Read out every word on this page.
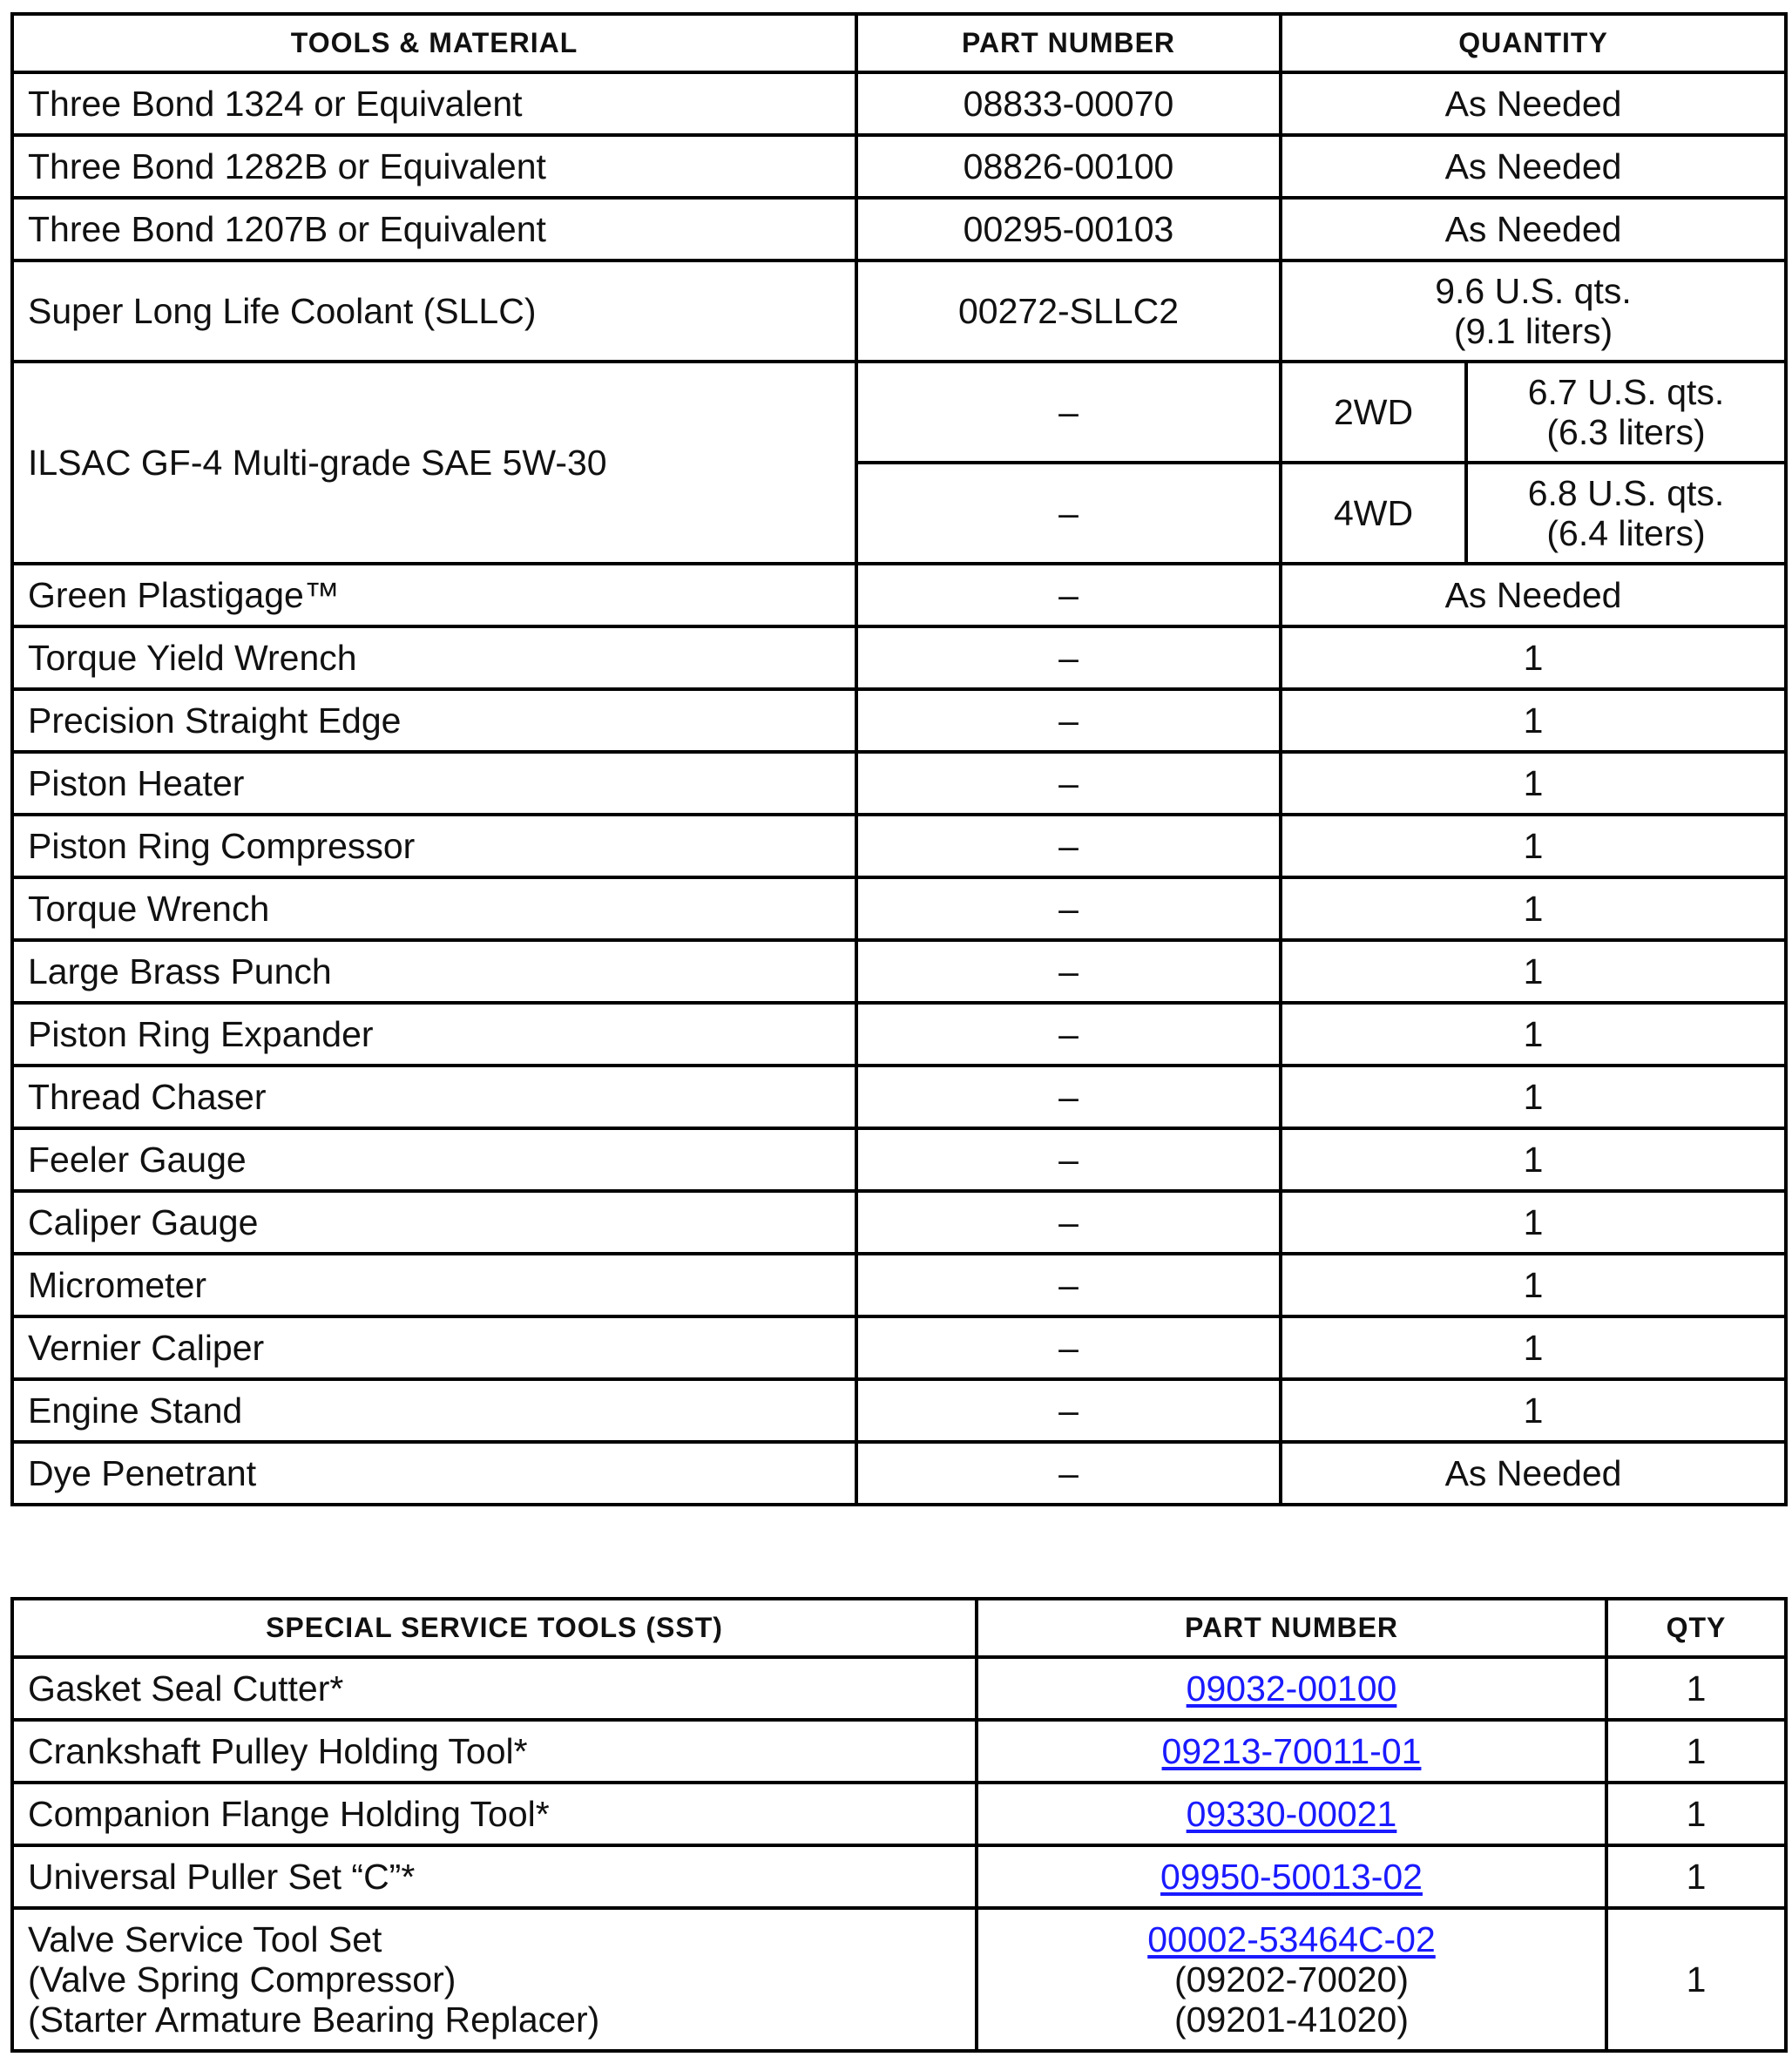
TOOLS & MATERIAL	PART NUMBER	QUANTITY	
Three Bond 1324 or Equivalent	08833-00070	As Needed	
Three Bond 1282B or Equivalent	08826-00100	As Needed	
Three Bond 1207B or Equivalent	00295-00103	As Needed	
Super Long Life Coolant (SLLC)	00272-SLLC2	9.6 U.S. qts.
(9.1 liters)	

ILSAC GF-4 Multi-grade SAE 5W-30	–	2WD	6.7 U.S. qts.
(6.3 liters)

	–	4WD	6.8 U.S. qts.
(6.4 liters)

Green Plastigage™	–	As Needed	
Torque Yield Wrench	–	1	
Precision Straight Edge	–	1	
Piston Heater	–	1	
Piston Ring Compressor	–	1	
Torque Wrench	–	1	
Large Brass Punch	–	1	
Piston Ring Expander	–	1	
Thread Chaser	–	1	
Feeler Gauge	–	1	
Caliper Gauge	–	1	
Micrometer	–	1	
Vernier Caliper	–	1	
Engine Stand	–	1	
Dye Penetrant	–	As Needed	
SPECIAL SERVICE TOOLS (SST)	PART NUMBER	QTY
Gasket Seal Cutter*	09032-00100	1
Crankshaft Pulley Holding Tool*	09213-70011-01	1
Companion Flange Holding Tool*	09330-00021	1
Universal Puller Set “C”*	09950-50013-02	1

Valve Service Tool Set
(Valve Spring Compressor)
(Starter Armature Bearing Replacer)	00002-53464C-02
(09202-70020)
(09201-41020)	1
